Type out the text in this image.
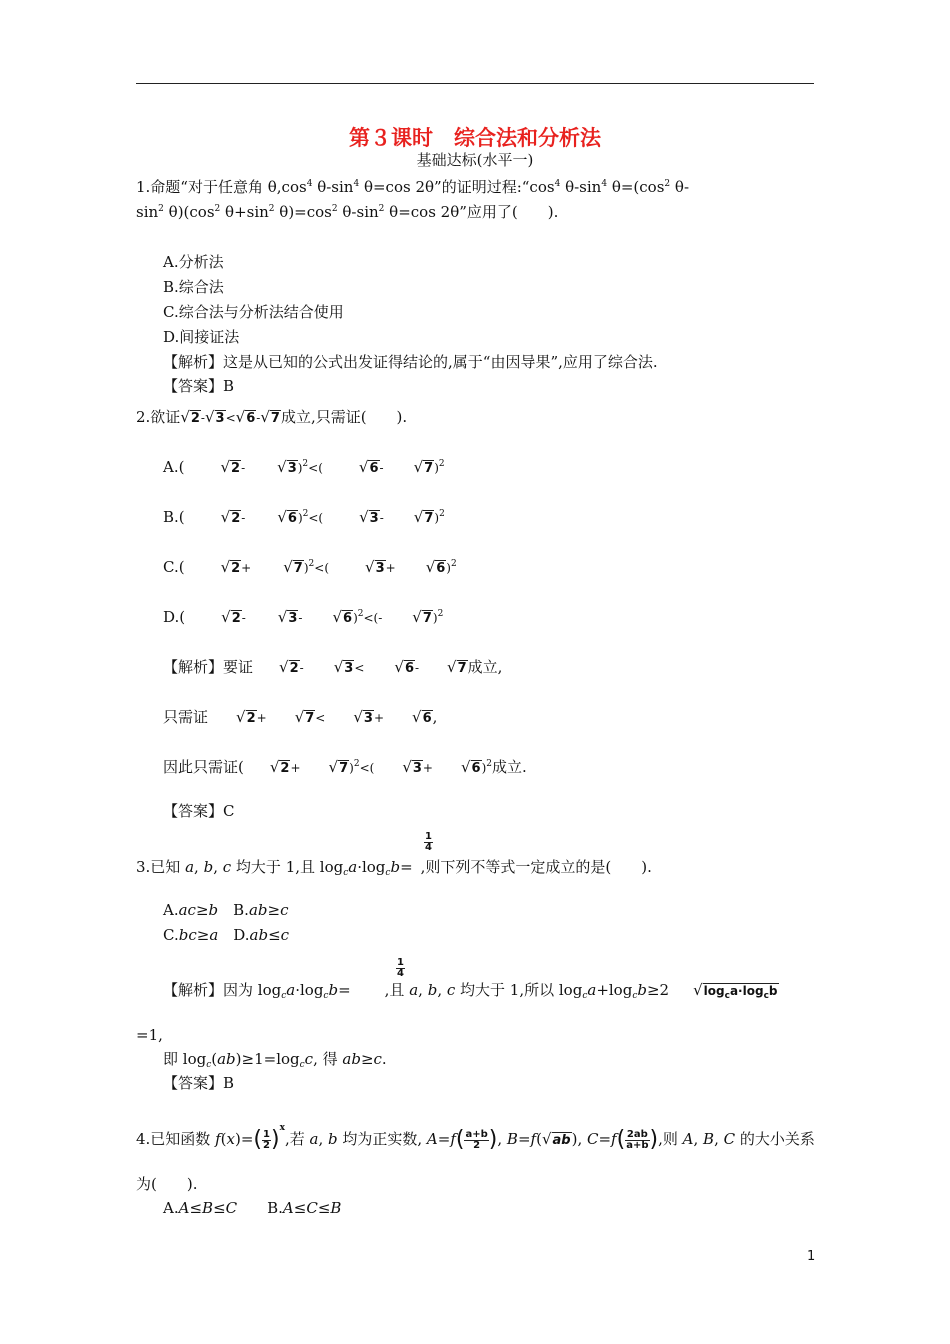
第３课时　综合法和分析法
基础达标(水平一)
1.命题“对于任意角 $\theta,\cos^4$ $\theta-\sin^4$ θ=cos 2θ”的证明过程$:“\cos^4$ $\theta-\sin^4$ $\theta=(\cos^2$ θ-
$\sin^2 \theta)(\cos^2$ $\theta+\sin^2$ $\theta)=\cos^2$ $\theta-\sin^2$ θ=cos 2θ”应用了(　　).
A.分析法
B.综合法
C.综合法与分析法结合使用
D.间接证法
【解析】这是从已知的公式出发证得结论的,属于“由因导果”,应用了综合法.
【答案】B
2.欲证√2-√3<√6-√7成立,只需证(　　).
A.( √2- √3)$^2$<( √6- √7)$^2$
B.( √2- √6)$^2$<( √3- √7)$^2$
C.( √2+ √7)$^2$<( √3+ √6)$^2$
D.( √2- √3- √6)$^2$<(- √7)$^2$
【解析】要证 √2- √3< √6- √7成立,
只需证 √2+ √7< √3+ √6,
因此只需证( √2+ √7)$^2$<( √3+ √6)$^2$成立.
【答案】C
$\frac{1}{4}$
3.已知 a, b, c 均大于 1,且 $\log_ca\cdot\log_cb=$ ,则下列不等式一定成立的是(　　).
A.ac≥b　B.ab≥c
C.bc≥a　D.ab≤c
$\frac{1}{4}$
【解析】因为 $\log_ca\cdot\log_cb=$ ,且 a, b, c 均大于 1,所以 $\log_ca+\log_cb\ge 2$ $√\log_ca\cdot\log_cb$
=1,
即 $\log_c(ab)\ge 1=\log_cc$, 得 ab≥c.
【答案】B
4.已知函数 $f(x)=( \frac{1}{2} )^x$,若 a, b 均为正实数, $A=f( \frac{a+b}{2}$ ), B=f(√ab), $C=f( \frac{2ab}{a+b}$ ),则 A, B, C 的大小关系
为(　　).
A.A≤B≤C　　B.A≤C≤B
1
